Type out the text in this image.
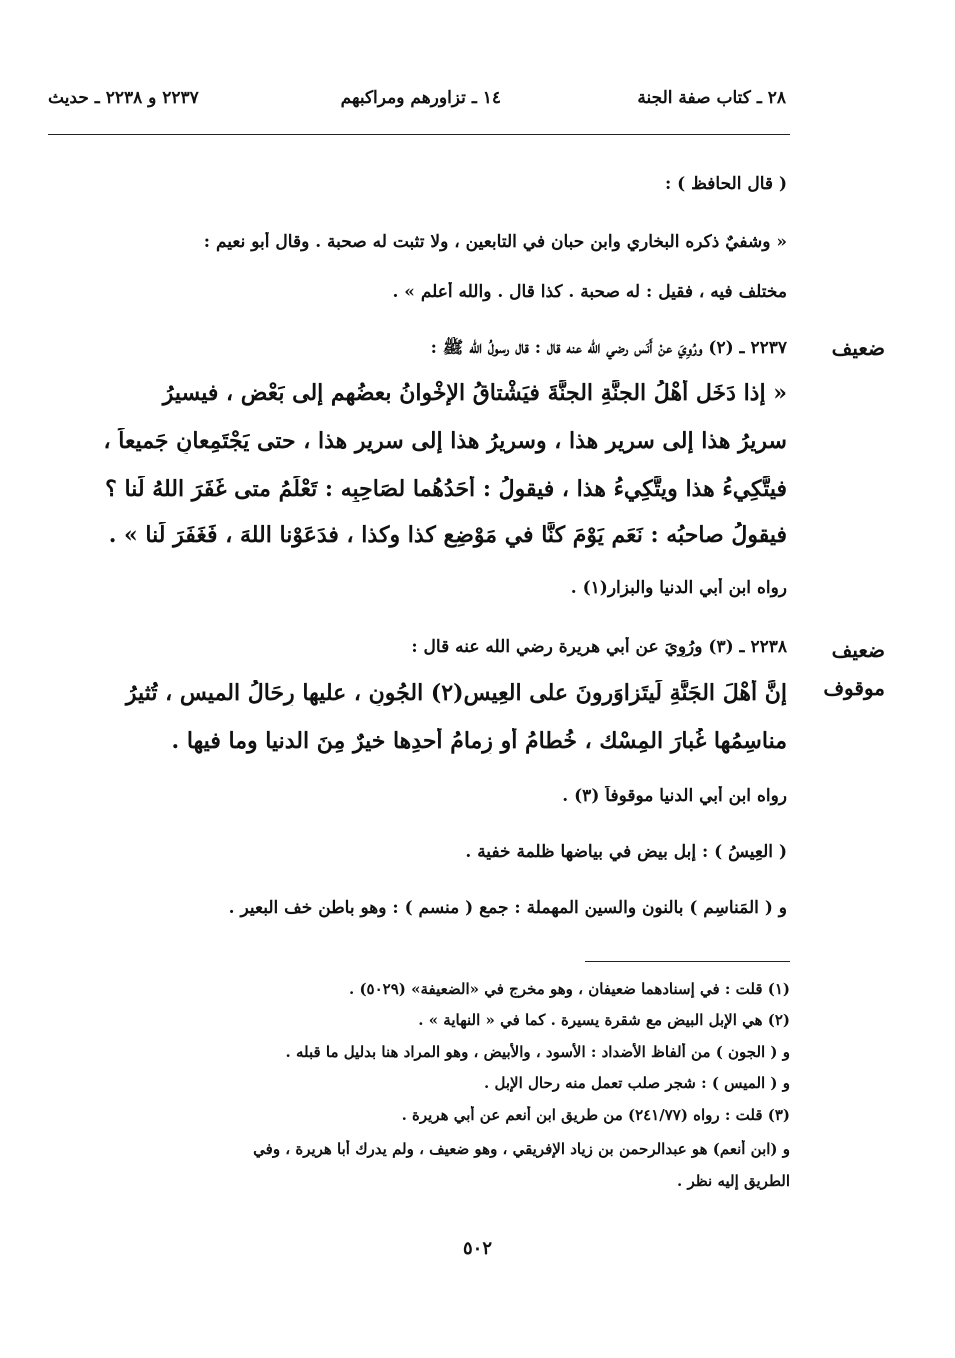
٢٨ ـ كتاب صفة الجنة
١٤ ـ تزاورهم ومراكبهم
٢٢٣٧ و ٢٢٣٨ ـ حديث
( قال الحافظ ) :
« وشفيٌ ذكره البخاري وابن حبان في التابعين ، ولا تثبت له صحبة . وقال أبو نعيم :
مختلف فيه ، فقيل : له صحبة . كذا قال . والله أعلم » .
ضعيف
٢٢٣٧ ـ (٢) ورُوِيَ عنْ أَنَس رضي الله عنه قال : قال رسولُ الله ﷺ :
« إذا دَخَل أهْلُ الجنَّةِ الجنَّةَ فيَشْتاقُ الإخْوانُ بعضُهم إلى بَعْض ، فيسيرُ
سريرُ هذا إلى سرير هذا ، وسريرُ هذا إلى سرير هذا ، حتى يَجْتَمِعانِ جَميعاً ،
فيتَّكِيءُ هذا ويتَّكِيءُ هذا ، فيقولُ : أحَدُهُما لصَاحِبِه : تَعْلَمُ متى غَفَرَ اللهُ لَنا ؟
فيقولُ صاحبُه : نَعَم يَوْمَ كنَّا في مَوْضِع كذا وكذا ، فدَعَوْنا اللهَ ، فَغَفَرَ لَنا » .
رواه ابن أبي الدنيا والبزار(١) .
ضعيف
موقوف
٢٢٣٨ ـ (٣) ورُوِيَ عن أبي هريرة رضي الله عنه قال :
إنَّ أَهْلَ الجَنَّةِ لَيتَزاوَرونَ على العِيسِ(٢) الجُونِ ، عليها رِحَالُ الميس ، تُثيرُ
مناسِمُها غُبارَ المِسْك ، خُطامُ أو زِمامُ أَحدِها خيرٌ مِنَ الدنيا وما فيها .
رواه ابن أبي الدنيا موقوفاً (٣) .
( العِيسُ ) : إبل بيض في بياضها ظلمة خفية .
و ( المَناسِم ) بالنون والسين المهملة : جمع ( منسم ) : وهو باطن خف البعير .
(١) قلت : في إسنادهما ضعيفان ، وهو مخرج في «الضعيفة» (٥٠٢٩) .
(٢) هي الإبل البيض مع شقرة يسيرة . كما في « النهاية » .
و ( الجون ) من ألفاظ الأضداد : الأسود ، والأبيض ، وهو المراد هنا بدليل ما قبله .
و ( الميس ) : شجر صلب تعمل منه رحال الإبل .
(٣) قلت : رواه (٢٤١/٧٧) من طريق ابن أنعم عن أبي هريرة .
و (ابن أنعم) هو عبدالرحمن بن زياد الإفريقي ، وهو ضعيف ، ولم يدرك أبا هريرة ، وفي
الطريق إليه نظر .
٥٠٢
